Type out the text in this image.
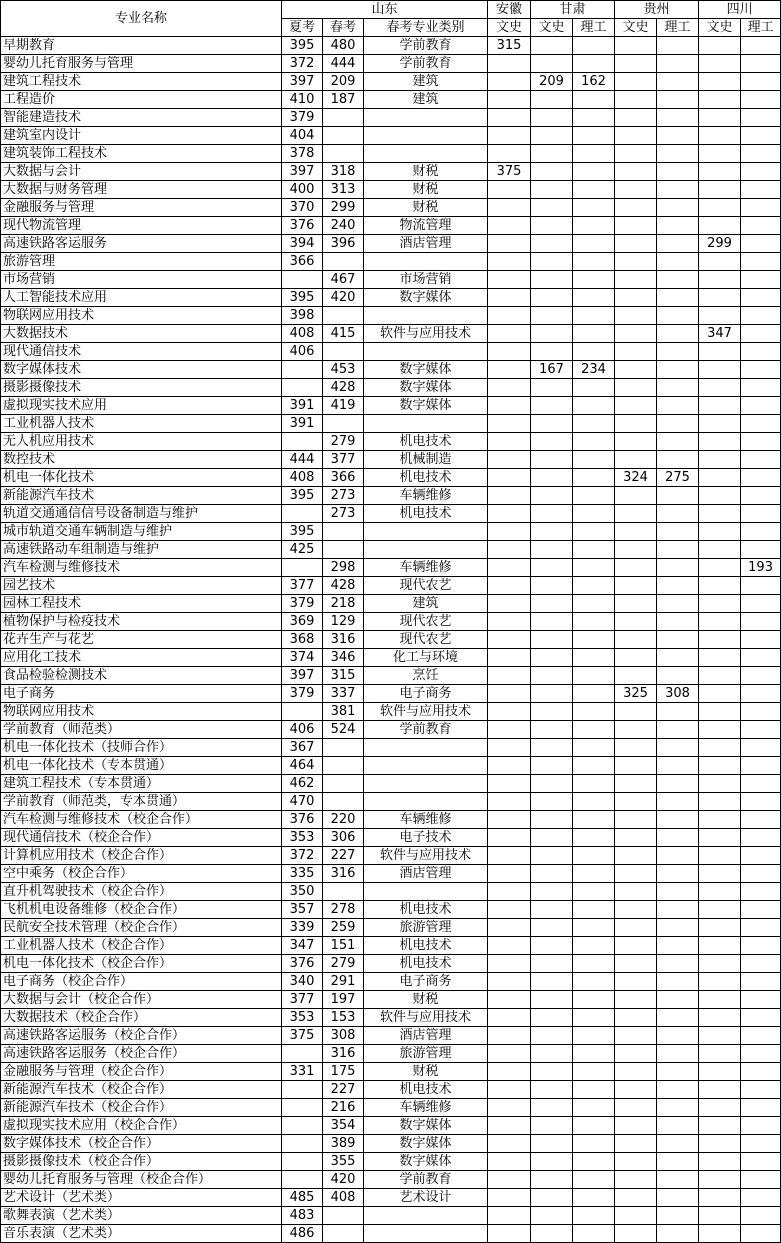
专业名称	山东			安徽	甘肃		贵州		四川	
	夏考	春考	春考专业类别	文史	文史	理工	文史	理工	文史	理工
早期教育	395	480	学前教育	315						
婴幼儿托育服务与管理	372	444	学前教育							
建筑工程技术	397	209	建筑		209	162				
工程造价	410	187	建筑							
智能建造技术	379									
建筑室内设计	404									
建筑装饰工程技术	378									
大数据与会计	397	318	财税	375						
大数据与财务管理	400	313	财税							
金融服务与管理	370	299	财税							
现代物流管理	376	240	物流管理							
高速铁路客运服务	394	396	酒店管理						299	
旅游管理	366									
市场营销		467	市场营销							
人工智能技术应用	395	420	数字媒体							
物联网应用技术	398									
大数据技术	408	415	软件与应用技术						347	
现代通信技术	406									
数字媒体技术		453	数字媒体		167	234				
摄影摄像技术		428	数字媒体							
虚拟现实技术应用	391	419	数字媒体							
工业机器人技术	391									
无人机应用技术		279	机电技术							
数控技术	444	377	机械制造							
机电一体化技术	408	366	机电技术				324	275		
新能源汽车技术	395	273	车辆维修							
轨道交通通信信号设备制造与维护		273	机电技术							
城市轨道交通车辆制造与维护	395									
高速铁路动车组制造与维护	425									
汽车检测与维修技术		298	车辆维修							193
园艺技术	377	428	现代农艺							
园林工程技术	379	218	建筑							
植物保护与检疫技术	369	129	现代农艺							
花卉生产与花艺	368	316	现代农艺							
应用化工技术	374	346	化工与环境							
食品检验检测技术	397	315	烹饪							
电子商务	379	337	电子商务				325	308		
物联网应用技术		381	软件与应用技术							
学前教育（师范类）	406	524	学前教育							
机电一体化技术（技师合作）	367									
机电一体化技术（专本贯通）	464									
建筑工程技术（专本贯通）	462									
学前教育（师范类，专本贯通）	470									
汽车检测与维修技术（校企合作）	376	220	车辆维修							
现代通信技术（校企合作）	353	306	电子技术							
计算机应用技术（校企合作）	372	227	软件与应用技术							
空中乘务（校企合作）	335	316	酒店管理							
直升机驾驶技术（校企合作）	350									
飞机机电设备维修（校企合作）	357	278	机电技术							
民航安全技术管理（校企合作）	339	259	旅游管理							
工业机器人技术（校企合作）	347	151	机电技术							
机电一体化技术（校企合作）	376	279	机电技术							
电子商务（校企合作）	340	291	电子商务							
大数据与会计（校企合作）	377	197	财税							
大数据技术（校企合作）	353	153	软件与应用技术							
高速铁路客运服务（校企合作）	375	308	酒店管理							
高速铁路客运服务（校企合作）		316	旅游管理							
金融服务与管理（校企合作）	331	175	财税							
新能源汽车技术（校企合作）		227	机电技术							
新能源汽车技术（校企合作）		216	车辆维修							
虚拟现实技术应用（校企合作）		354	数字媒体							
数字媒体技术（校企合作）		389	数字媒体							
摄影摄像技术（校企合作）		355	数字媒体							
婴幼儿托育服务与管理（校企合作）		420	学前教育							
艺术设计（艺术类）	485	408	艺术设计							
歌舞表演（艺术类）	483									
音乐表演（艺术类）	486									
